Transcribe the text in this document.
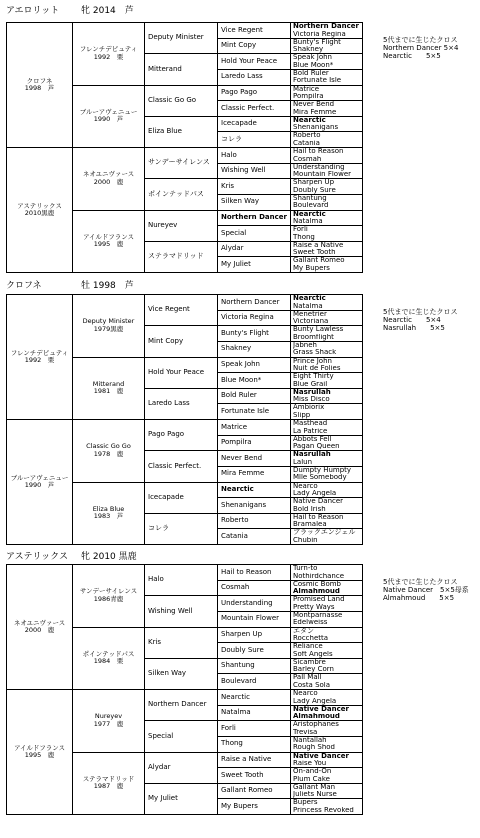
アエロリット 牝 2014　芦
クロフネ
1998　芦
アステリックス
2010黒鹿
フレンチデピュティ
1992　栗
ブルーアヴェニュー
1990　芦
ネオユニヴァース
2000　鹿
アイルドフランス
1995　鹿
Deputy Minister
Mitterand
Classic Go Go
Eliza Blue
サンデーサイレンス
ポインテッドパス
Nureyev
ステラマドリッド
Vice Regent
Mint Copy
Hold Your Peace
Laredo Lass
Pago Pago
Classic Perfect.
Icecapade
コレラ
Halo
Wishing Well
Kris
Silken Way
Northern Dancer
Special
Alydar
My Juliet
Northern Dancer
Victoria Regina
Bunty's Flight
Shakney
Speak John
Blue Moon*
Bold Ruler
Fortunate Isle
Matrice
Pompilra
Never Bend
Mira Femme
Nearctic
Shenanigans
Roberto
Catania
Hail to Reason
Cosmah
Understanding
Mountain Flower
Sharpen Up
Doubly Sure
Shantung
Boulevard
Nearctic
Natalma
Forli
Thong
Raise a Native
Sweet Tooth
Gallant Romeo
My Bupers
5代までに生じたクロス
Northern Dancer 5×4
Nearctic　　5×5
クロフネ	牡 1998　芦
フレンチデピュティ
1992　栗
ブルーアヴェニュー
1990　芦
Deputy Minister
1979黒鹿
Mitterand
1981　鹿
Classic Go Go
1978　鹿
Eliza Blue
1983　芦
Vice Regent
Mint Copy
Hold Your Peace
Laredo Lass
Pago Pago
Classic Perfect.
Icecapade
コレラ
Northern Dancer
Victoria Regina
Bunty's Flight
Shakney
Speak John
Blue Moon*
Bold Ruler
Fortunate Isle
Matrice
Pompilra
Never Bend
Mira Femme
Nearctic
Shenanigans
Roberto
Catania
Nearctic
Natalma
Menetrier
Victoriana
Bunty Lawless
Broomflight
Jabneh
Grass Shack
Prince John
Nuit de Folies
Eight Thirty
Blue Grail
Nasrullah
Miss Disco
Ambiorix
Slipp
Masthead
La Patrice
Abbots Fell
Pagan Queen
Nasrullah
Lalun
Dumpty Humpty
Mlle Somebody
Nearco
Lady Angela
Native Dancer
Bold Irish
Hail to Reason
Bramalea
ブラックエンジェル
Chubin
5代までに生じたクロス
Nearctic　　5×4
Nasrullah　　5×5
アステリックス 牝 2010 黒鹿
ネオユニヴァース
2000　鹿
アイルドフランス
1995　鹿
サンデーサイレンス
1986青鹿
ポインテッドパス
1984　栗
Nureyev
1977　鹿
ステラマドリッド
1987　鹿
Halo
Wishing Well
Kris
Silken Way
Northern Dancer
Special
Alydar
My Juliet
Hail to Reason
Cosmah
Understanding
Mountain Flower
Sharpen Up
Doubly Sure
Shantung
Boulevard
Nearctic
Natalma
Forli
Thong
Raise a Native
Sweet Tooth
Gallant Romeo
My Bupers
Turn-to
Nothirdchance
Cosmic Bomb
Almahmoud
Promised Land
Pretty Ways
Montparnasse
Edelweiss
エタン
Rocchetta
Reliance
Soft Angels
Sicambre
Barley Corn
Pall Mall
Costa Sola
Nearco
Lady Angela
Native Dancer
Almahmoud
Aristophanes
Trevisa
Nantallah
Rough Shod
Native Dancer
Raise You
On-and-On
Plum Cake
Gallant Man
Juliets Nurse
Bupers
Princess Revoked
5代までに生じたクロス
Native Dancer　5×5母系
Almahmoud　　5×5
